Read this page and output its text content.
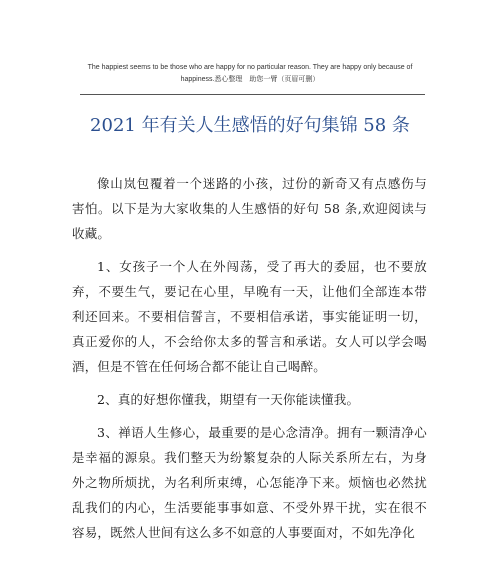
The happiest seems to be those who are happy for no particular reason. They are happy only because of
happiness.悉心整理　助您一臂（页眉可删）
2021 年有关人生感悟的好句集锦 58 条

像山岚包覆着一个迷路的小孩，过份的新奇又有点感伤与害怕。以下是为大家收集的人生感悟的好句 58 条,欢迎阅读与收藏。

1、女孩子一个人在外闯荡，受了再大的委屈，也不要放弃，不要生气，要记在心里，早晚有一天，让他们全部连本带利还回来。不要相信誓言，不要相信承诺，事实能证明一切，真正爱你的人，不会给你太多的誓言和承诺。女人可以学会喝酒，但是不管在任何场合都不能让自己喝醉。

2、真的好想你懂我，期望有一天你能读懂我。

3、禅语人生修心，最重要的是心念清净。拥有一颗清净心是幸福的源泉。我们整天为纷繁复杂的人际关系所左右，为身外之物所烦扰，为名利所束缚，心怎能净下来。烦恼也必然扰乱我们的内心，生活要能事事如意、不受外界干扰，实在很不容易，既然人世间有这么多不如意的人事要面对，不如先净化
